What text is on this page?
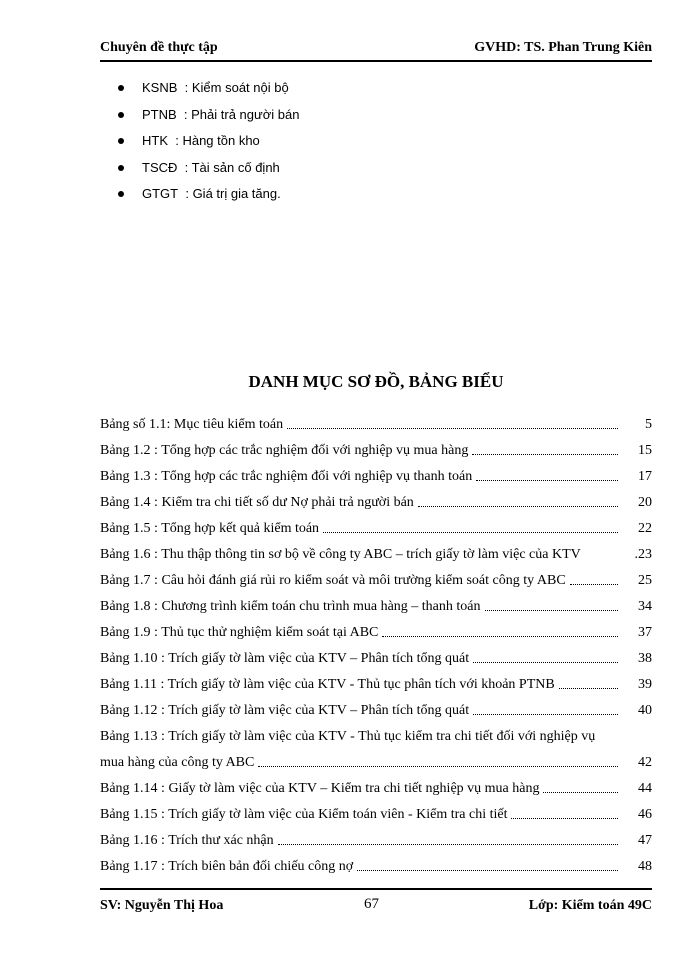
Chuyên đề thực tập	GVHD: TS. Phan Trung Kiên
KSNB : Kiểm soát nội bộ
PTNB : Phải trả người bán
HTK : Hàng tồn kho
TSCĐ : Tài sản cố định
GTGT : Giá trị gia tăng.
DANH MỤC SƠ ĐỒ, BẢNG BIỂU
Bảng số 1.1: Mục tiêu kiểm toán	5
Bảng 1.2 : Tổng hợp các trắc nghiệm đối với nghiệp vụ mua hàng	15
Bảng 1.3 : Tổng hợp các trắc nghiệm đối với nghiệp vụ thanh toán	17
Bảng 1.4 : Kiểm tra chi tiết số dư Nợ phải trả người bán	20
Bảng 1.5 : Tổng hợp kết quả kiểm toán	22
Bảng 1.6 : Thu thập thông tin sơ bộ về công ty ABC – trích giấy tờ làm việc của KTV	.23
Bảng 1.7 : Câu hỏi đánh giá rủi ro kiểm soát và môi trường kiểm soát công ty ABC	25
Bảng 1.8 : Chương trình kiểm toán chu trình mua hàng – thanh toán	34
Bảng 1.9 : Thủ tục thử nghiệm kiểm soát tại ABC	37
Bảng 1.10 : Trích giấy tờ làm việc của KTV – Phân tích tổng quát	38
Bảng 1.11 : Trích giấy tờ làm việc của KTV - Thủ tục phân tích với khoản PTNB	39
Bảng 1.12 : Trích giấy tờ làm việc của KTV – Phân tích tổng quát	40
Bảng 1.13 : Trích giấy tờ làm việc của KTV - Thủ tục kiểm tra chi tiết đối với nghiệp vụ
mua hàng của công ty ABC	42
Bảng 1.14 : Giấy tờ làm việc của KTV – Kiểm tra chi tiết nghiệp vụ mua hàng	44
Bảng 1.15 : Trích giấy tờ làm việc của Kiểm toán viên - Kiểm tra chi tiết	46
Bảng 1.16 : Trích thư xác nhận	47
Bảng 1.17 : Trích biên bản đối chiếu công nợ	48
SV: Nguyễn Thị Hoa	67	Lớp: Kiểm toán 49C
